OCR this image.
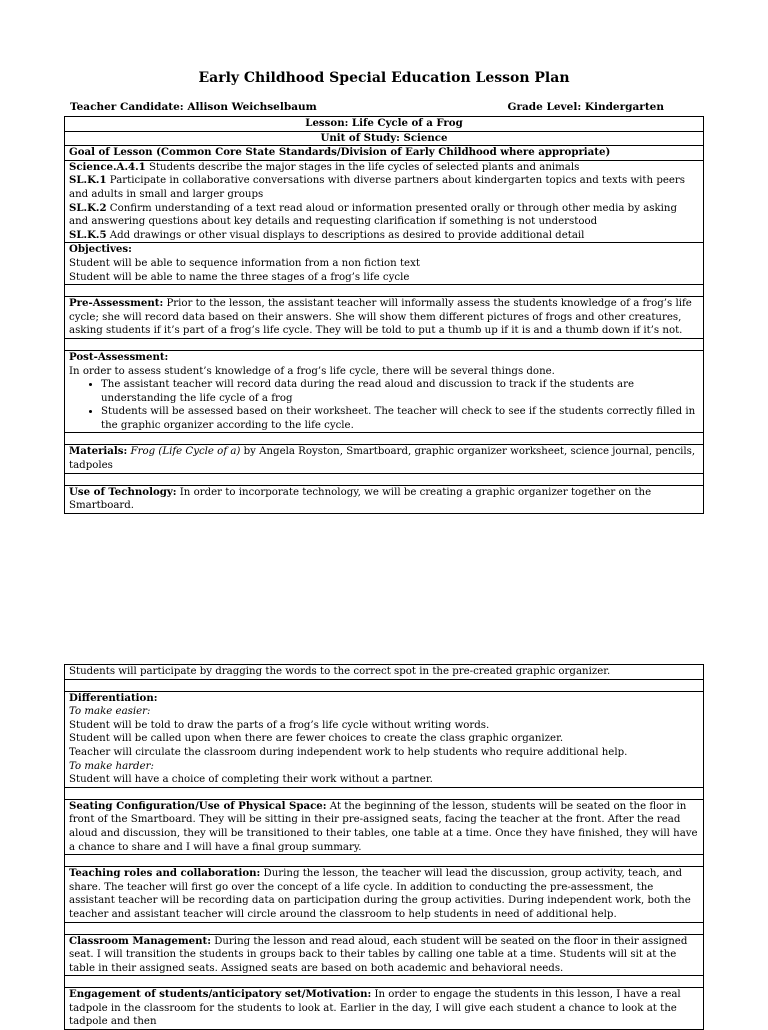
Early Childhood Special Education Lesson Plan
Teacher Candidate: Allison Weichselbaum	Grade Level: Kindergarten
Lesson: Life Cycle of a Frog
Unit of Study: Science
Goal of Lesson (Common Core State Standards/Division of Early Childhood where appropriate)

Science.A.4.1 Students describe the major stages in the life cycles of selected plants and animals
SL.K.1 Participate in collaborative conversations with diverse partners about kindergarten topics and texts with peers and adults in small and larger groups
SL.K.2 Confirm understanding of a text read aloud or information presented orally or through other media by asking and answering questions about key details and requesting clarification if something is not understood
SL.K.5 Add drawings or other visual displays to descriptions as desired to provide additional detail

Objectives:
Student will be able to sequence information from a non fiction text
Student will be able to name the three stages of a frog’s life cycle

Pre-Assessment: Prior to the lesson, the assistant teacher will informally assess the students knowledge of a frog’s life cycle; she will record data based on their answers. She will show them different pictures of frogs and other creatures, asking students if it’s part of a frog’s life cycle. They will be told to put a thumb up if it is and a thumb down if it’s not.

Post-Assessment:
In order to assess student’s knowledge of a frog’s life cycle, there will be several things done.
• The assistant teacher will record data during the read aloud and discussion to track if the students are understanding the life cycle of a frog
• Students will be assessed based on their worksheet. The teacher will check to see if the students correctly filled in the graphic organizer according to the life cycle.

Materials: Frog (Life Cycle of a) by Angela Royston, Smartboard, graphic organizer worksheet, science journal, pencils, tadpoles

Use of Technology: In order to incorporate technology, we will be creating a graphic organizer together on the Smartboard.
Students will participate by dragging the words to the correct spot in the pre-created graphic organizer.

Differentiation:
To make easier:
Student will be told to draw the parts of a frog’s life cycle without writing words.
Student will be called upon when there are fewer choices to create the class graphic organizer.
Teacher will circulate the classroom during independent work to help students who require additional help.
To make harder:
Student will have a choice of completing their work without a partner.

Seating Configuration/Use of Physical Space: At the beginning of the lesson, students will be seated on the floor in front of the Smartboard. They will be sitting in their pre-assigned seats, facing the teacher at the front. After the read aloud and discussion, they will be transitioned to their tables, one table at a time. Once they have finished, they will have a chance to share and I will have a final group summary.

Teaching roles and collaboration: During the lesson, the teacher will lead the discussion, group activity, teach, and share. The teacher will first go over the concept of a life cycle. In addition to conducting the pre-assessment, the assistant teacher will be recording data on participation during the group activities. During independent work, both the teacher and assistant teacher will circle around the classroom to help students in need of additional help.

Classroom Management: During the lesson and read aloud, each student will be seated on the floor in their assigned seat. I will transition the students in groups back to their tables by calling one table at a time. Students will sit at the table in their assigned seats. Assigned seats are based on both academic and behavioral needs.

Engagement of students/anticipatory set/Motivation: In order to engage the students in this lesson, I have a real tadpole in the classroom for the students to look at. Earlier in the day, I will give each student a chance to look at the tadpole and then
